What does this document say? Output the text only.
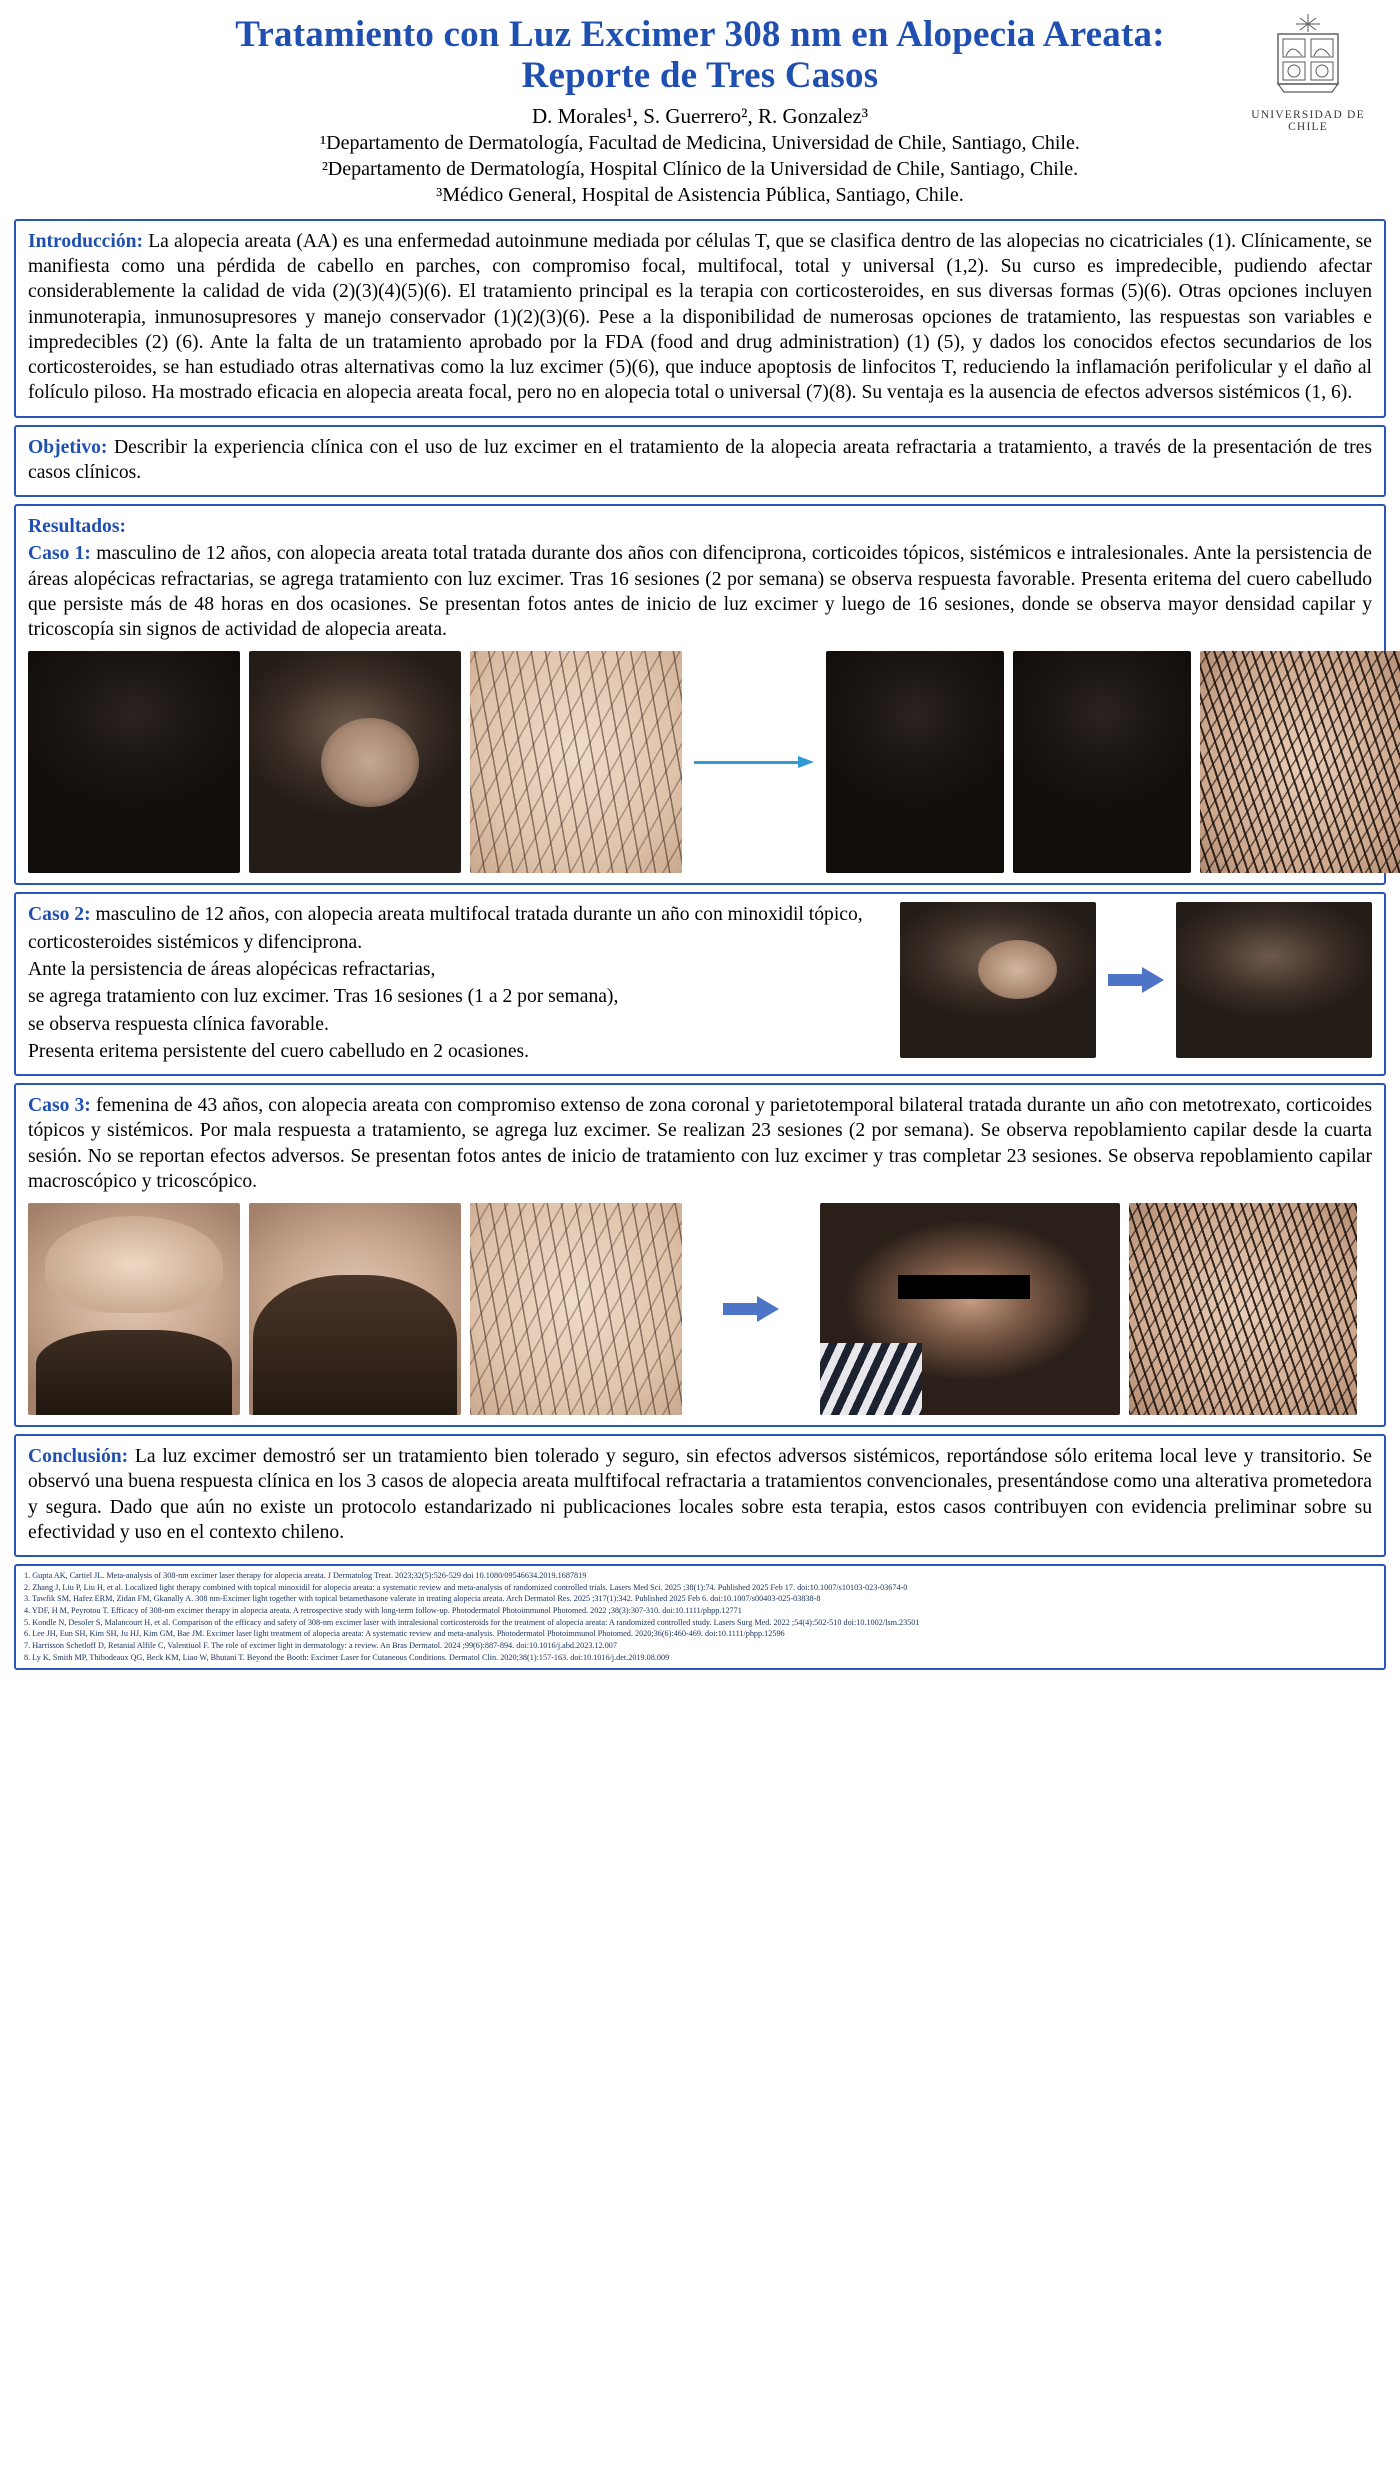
UNIVERSIDAD DE CHILE
Tratamiento con Luz Excimer 308 nm en Alopecia Areata:
Reporte de Tres Casos
D. Morales¹, S. Guerrero², R. Gonzalez³
¹Departamento de Dermatología, Facultad de Medicina, Universidad de Chile, Santiago, Chile.
²Departamento de Dermatología, Hospital Clínico de la Universidad de Chile, Santiago, Chile.
³Médico General, Hospital de Asistencia Pública, Santiago, Chile.

Introducción: La alopecia areata (AA) es una enfermedad autoinmune mediada por células T, que se clasifica dentro de las alopecias no cicatriciales (1). Clínicamente, se manifiesta como una pérdida de cabello en parches, con compromiso focal, multifocal, total y universal (1,2). Su curso es impredecible, pudiendo afectar considerablemente la calidad de vida (2)(3)(4)(5)(6). El tratamiento principal es la terapia con corticosteroides, en sus diversas formas (5)(6). Otras opciones incluyen inmunoterapia, inmunosupresores y manejo conservador (1)(2)(3)(6). Pese a la disponibilidad de numerosas opciones de tratamiento, las respuestas son variables e impredecibles (2) (6). Ante la falta de un tratamiento aprobado por la FDA (food and drug administration) (1) (5), y dados los conocidos efectos secundarios de los corticosteroides, se han estudiado otras alternativas como la luz excimer (5)(6), que induce apoptosis de linfocitos T, reduciendo la inflamación perifolicular y el daño al folículo piloso. Ha mostrado eficacia en alopecia areata focal, pero no en alopecia total o universal (7)(8). Su ventaja es la ausencia de efectos adversos sistémicos (1, 6).

Objetivo: Describir la experiencia clínica con el uso de luz excimer en el tratamiento de la alopecia areata refractaria a tratamiento, a través de la presentación de tres casos clínicos.

Resultados:

Caso 1: masculino de 12 años, con alopecia areata total tratada durante dos años con difenciprona, corticoides tópicos, sistémicos e intralesionales. Ante la persistencia de áreas alopécicas refractarias, se agrega tratamiento con luz excimer. Tras 16 sesiones (2 por semana) se observa respuesta favorable. Presenta eritema del cuero cabelludo que persiste más de 48 horas en dos ocasiones. Se presentan fotos antes de inicio de luz excimer y luego de 16 sesiones, donde se observa mayor densidad capilar y tricoscopía sin signos de actividad de alopecia areata.

Caso 2: masculino de 12 años, con alopecia areata multifocal tratada durante un año con minoxidil tópico,

corticosteroides sistémicos y difenciprona.

Ante la persistencia de áreas alopécicas refractarias,

se agrega tratamiento con luz excimer. Tras 16 sesiones (1 a 2 por semana),

se observa respuesta clínica favorable.

Presenta eritema persistente del cuero cabelludo en 2 ocasiones.

Caso 3: femenina de 43 años, con alopecia areata con compromiso extenso de zona coronal y parietotemporal bilateral tratada durante un año con metotrexato, corticoides tópicos y sistémicos. Por mala respuesta a tratamiento, se agrega luz excimer. Se realizan 23 sesiones (2 por semana). Se observa repoblamiento capilar desde la cuarta sesión. No se reportan efectos adversos. Se presentan fotos antes de inicio de tratamiento con luz excimer y tras completar 23 sesiones. Se observa repoblamiento capilar macroscópico y tricoscópico.

Conclusión: La luz excimer demostró ser un tratamiento bien tolerado y seguro, sin efectos adversos sistémicos, reportándose sólo eritema local leve y transitorio. Se observó una buena respuesta clínica en los 3 casos de alopecia areata mulftifocal refractaria a tratamientos convencionales, presentándose como una alterativa prometedora y segura. Dado que aún no existe un protocolo estandarizado ni publicaciones locales sobre esta terapia, estos casos contribuyen con evidencia preliminar sobre su efectividad y uso en el contexto chileno.

1. Gupta AK, Cartiel JL. Meta-analysis of 308-nm excimer laser therapy for alopecia areata. J Dermatolog Treat. 2023;32(5):526-529 doi 10.1080/09546634.2019.1687819
2. Zhang J, Liu P, Liu H, et al. Localized light therapy combined with topical minoxidil for alopecia areata: a systematic review and meta-analysis of randomized controlled trials. Lasers Med Sci. 2025 ;38(1):74. Published 2025 Feb 17. doi:10.1007/s10103-023-03674-0
3. Tawfik SM, Hafez ERM, Zidan FM, Gkanally A. 308 nm-Excimer light together with topical betamethasone valerate in treating alopecia areata. Arch Dermatol Res. 2025 ;317(1):342. Published 2025 Feb 6. doi:10.1007/s00403-025-03838-8
4. YDF, H M, Peyrotou T. Efficacy of 308-nm excimer therapy in alopecia areata. A retrospective study with long-term follow-up. Photodermatol Photoimmunol Photomed. 2022 ;38(3):307-310. doi:10.1111/phpp.12771
5. Kondle N, Desoler S, Malancourt H, et al. Comparison of the efficacy and safety of 308-nm excimer laser with intralesional corticosteroids for the treatment of alopecia areata: A randomized controlled study. Lasers Surg Med. 2022 ;54(4):502-510 doi:10.1002/lsm.23501
6. Lee JH, Eun SH, Kim SH, Ju HJ, Kim GM, Bae JM. Excimer laser light treatment of alopecia areata: A systematic review and meta-analysis. Photodermatol Photoimmunol Photomed. 2020;36(6):460-469. doi:10.1111/phpp.12596
7. Harrisson Schetloff D, Retanial Alfile C, Valentiuol F. The role of excimer light in dermatology: a review. An Bras Dermatol. 2024 ;99(6):887-894. doi:10.1016/j.abd.2023.12.007
8. Ly K, Smith MP, Thibodeaux QG, Beck KM, Liao W, Bhutani T. Beyond the Booth: Excimer Laser for Cutaneous Conditions. Dermatol Clin. 2020;38(1):157-163. doi:10.1016/j.det.2019.08.009
